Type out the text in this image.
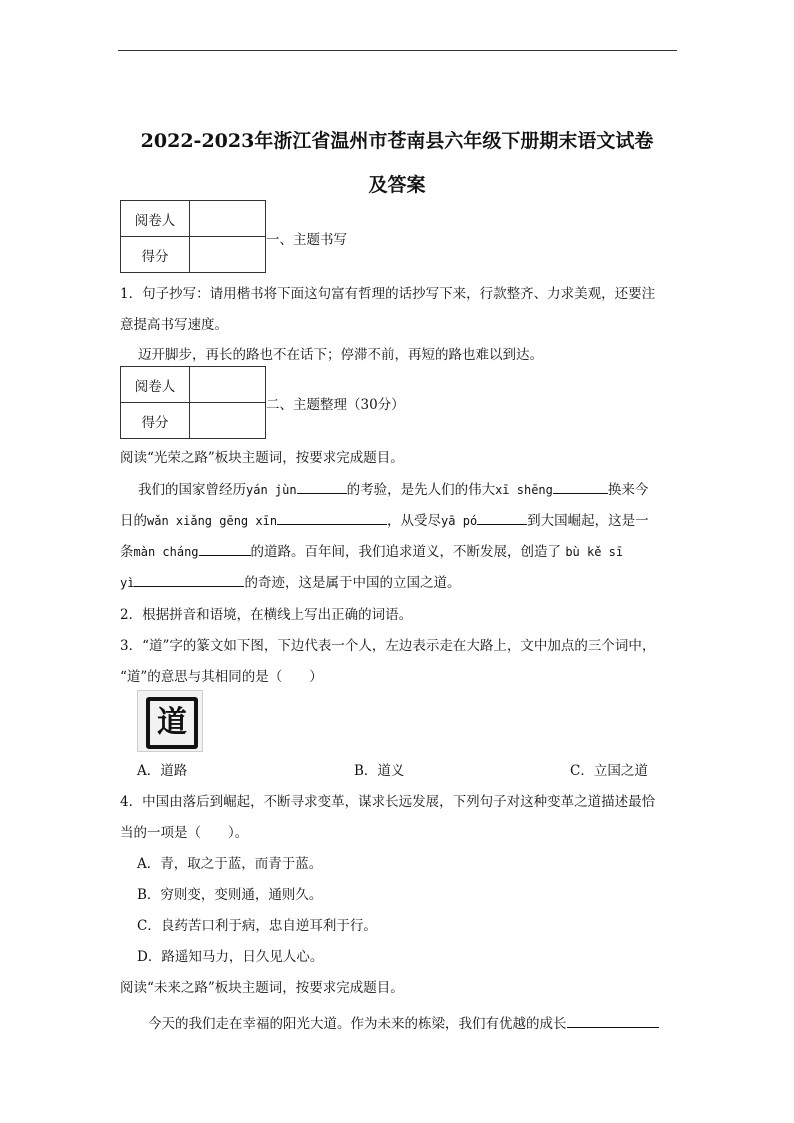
2022-2023年浙江省温州市苍南县六年级下册期末语文试卷
及答案
阅卷人	
得分	
一、主题书写
1．句子抄写：请用楷书将下面这句富有哲理的话抄写下来，行款整齐、力求美观，还要注
意提高书写速度。
迈开脚步，再长的路也不在话下；停滞不前，再短的路也难以到达。
阅卷人	
得分	
二、主题整理（30分）
阅读“光荣之路”板块主题词，按要求完成题目。
我们的国家曾经历yán jùn	的考验，是先人们的伟大xī shēng	换来今
日的wǎn xiǎng gēng xīn	，从受尽yā pó	到大国崛起，这是一
条màn cháng	的道路。百年间，我们追求道义，不断发展，创造了 bù kě sī
yì	的奇迹，这是属于中国的立国之道。
2．根据拼音和语境，在横线上写出正确的词语。
3．“道”字的篆文如下图，下边代表一个人，左边表示走在大路上，文中加点的三个词中，
“道”的意思与其相同的是（　　）
道
A．道路	B．道义	C．立国之道
4．中国由落后到崛起，不断寻求变革，谋求长远发展，下列句子对这种变革之道描述最恰
当的一项是（　　）。
A．青，取之于蓝，而青于蓝。
B．穷则变，变则通，通则久。
C．良药苦口利于病，忠自逆耳利于行。
D．路遥知马力，日久见人心。
阅读“未来之路”板块主题词，按要求完成题目。
今天的我们走在幸福的阳光大道。作为未来的栋梁，我们有优越的成长
